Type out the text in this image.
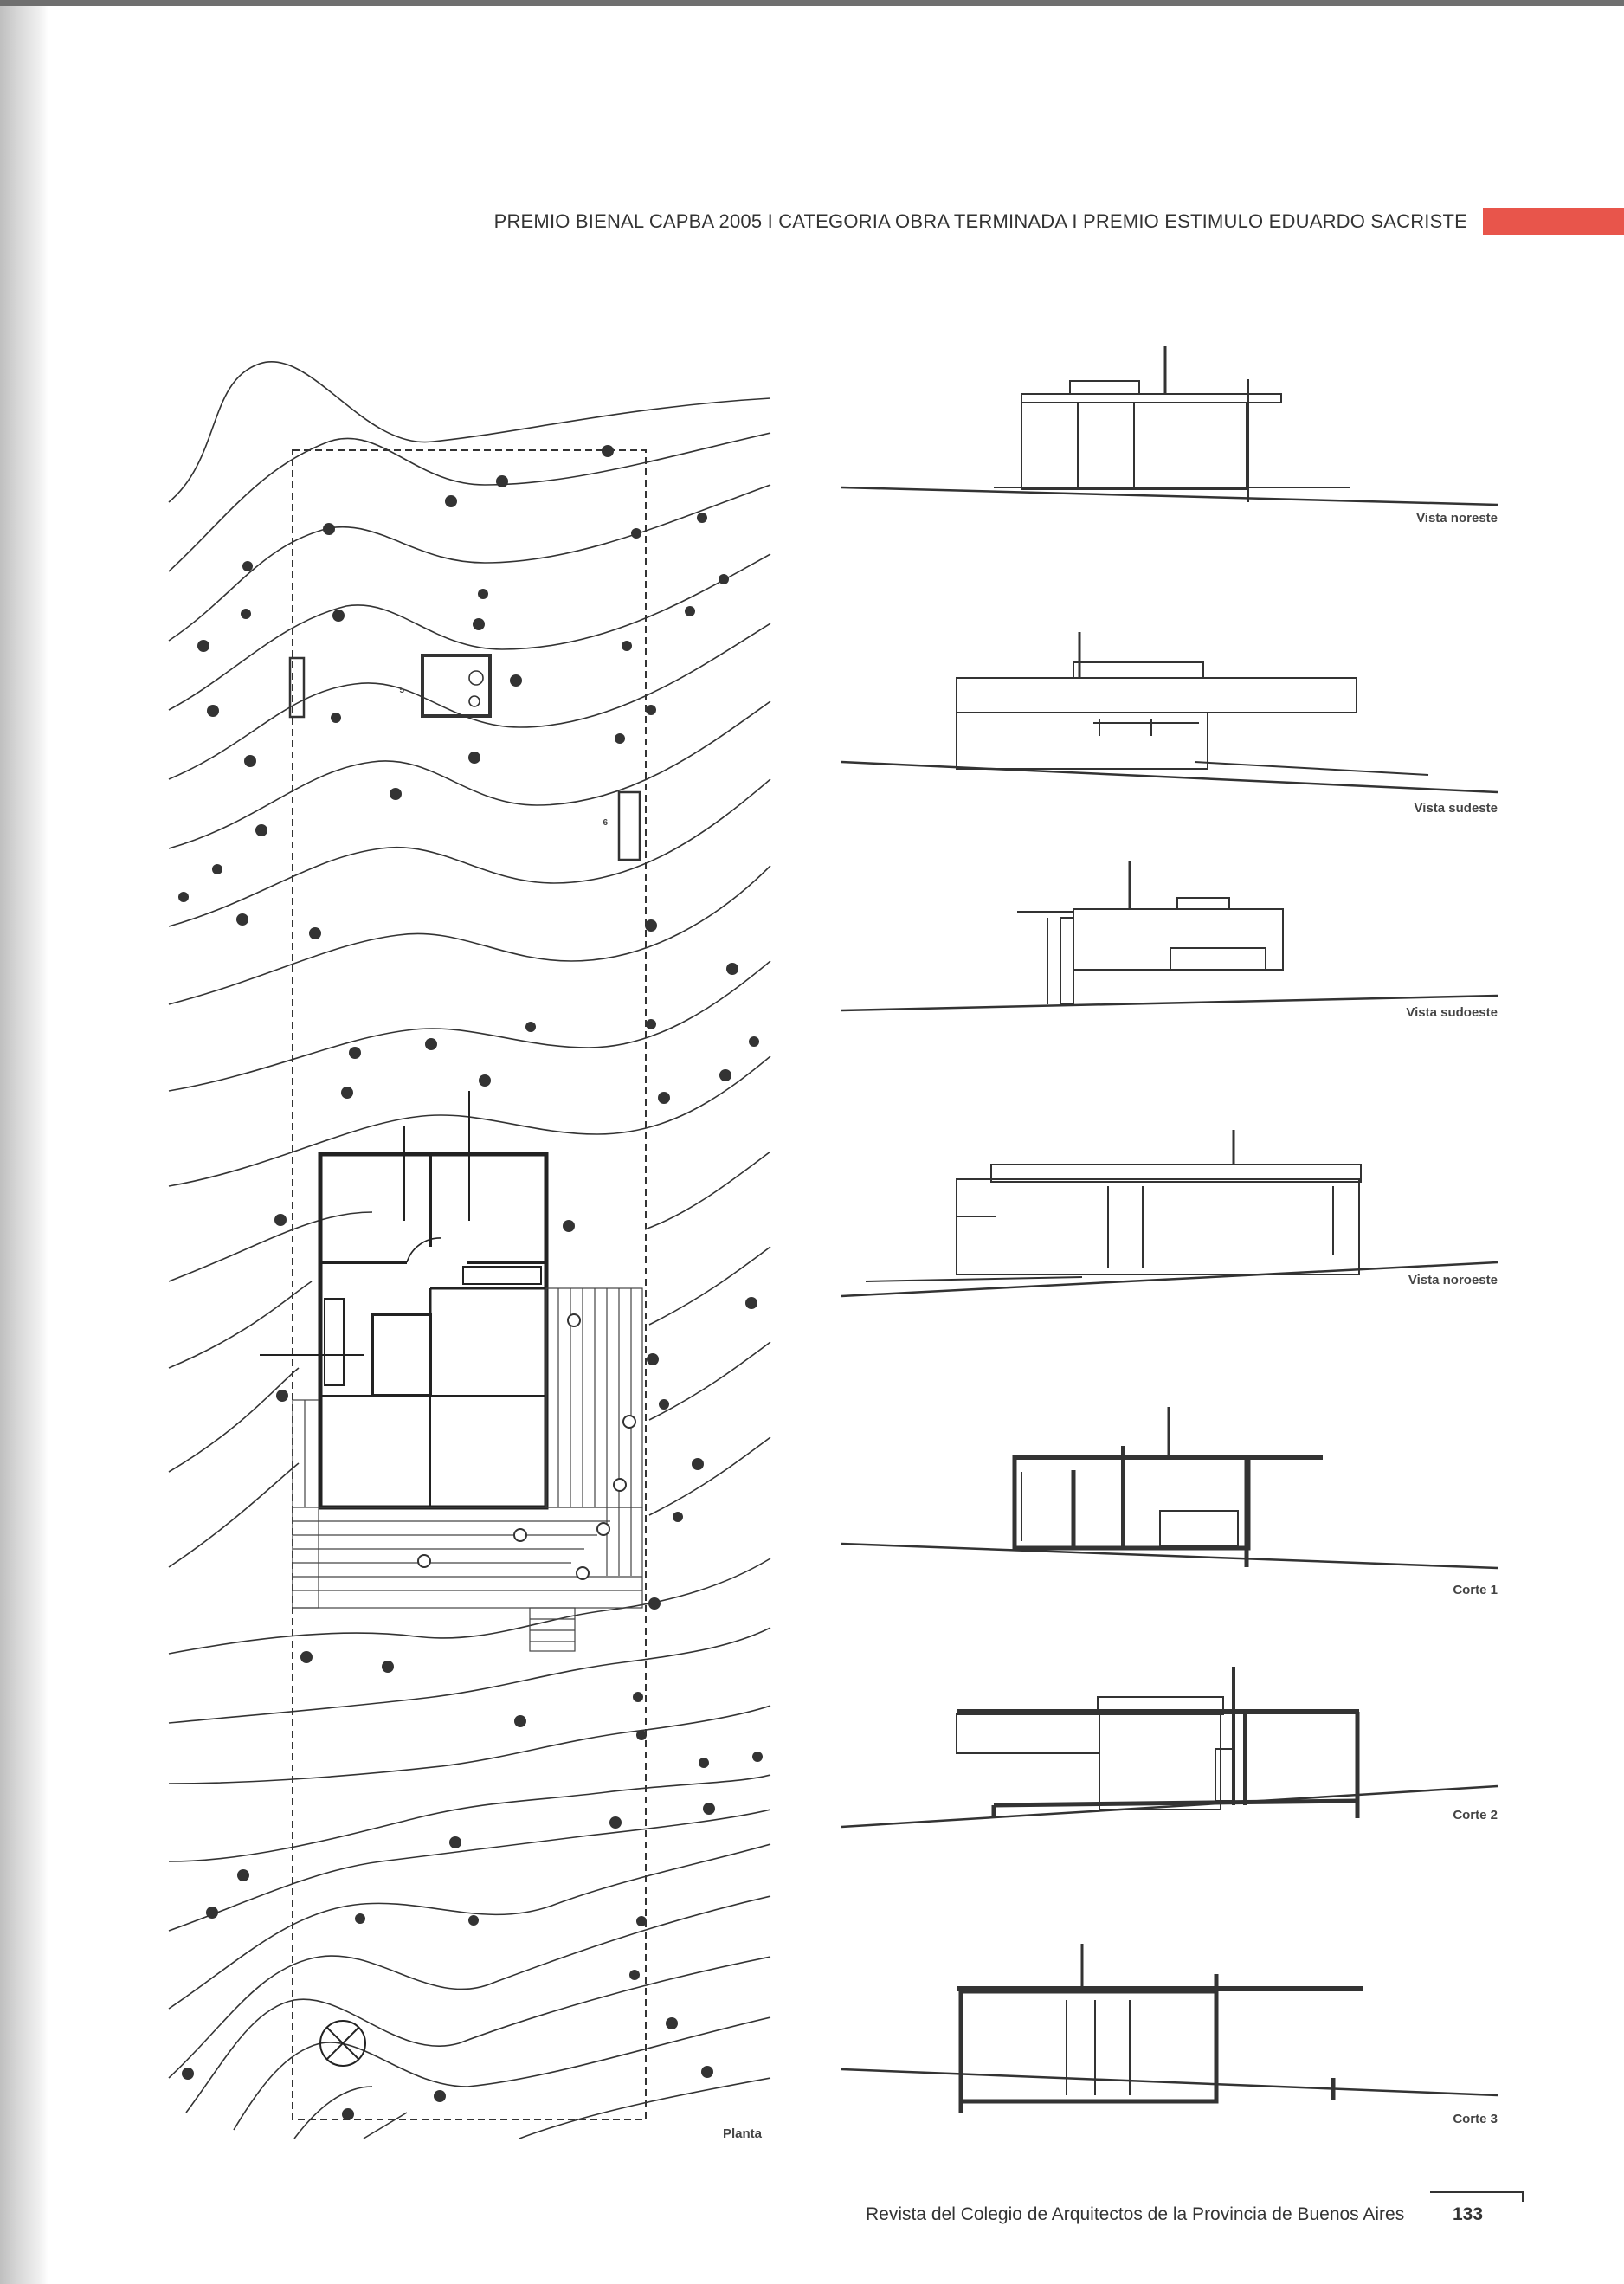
PREMIO BIENAL CAPBA 2005 I CATEGORIA OBRA TERMINADA I PREMIO ESTIMULO EDUARDO SACRISTE
Planta
5
6
Vista noreste
Vista sudeste
Vista sudoeste
Vista noroeste
Corte 1
Corte 2
Corte 3
Revista del Colegio de Arquitectos de la Provincia de Buenos Aires	133
